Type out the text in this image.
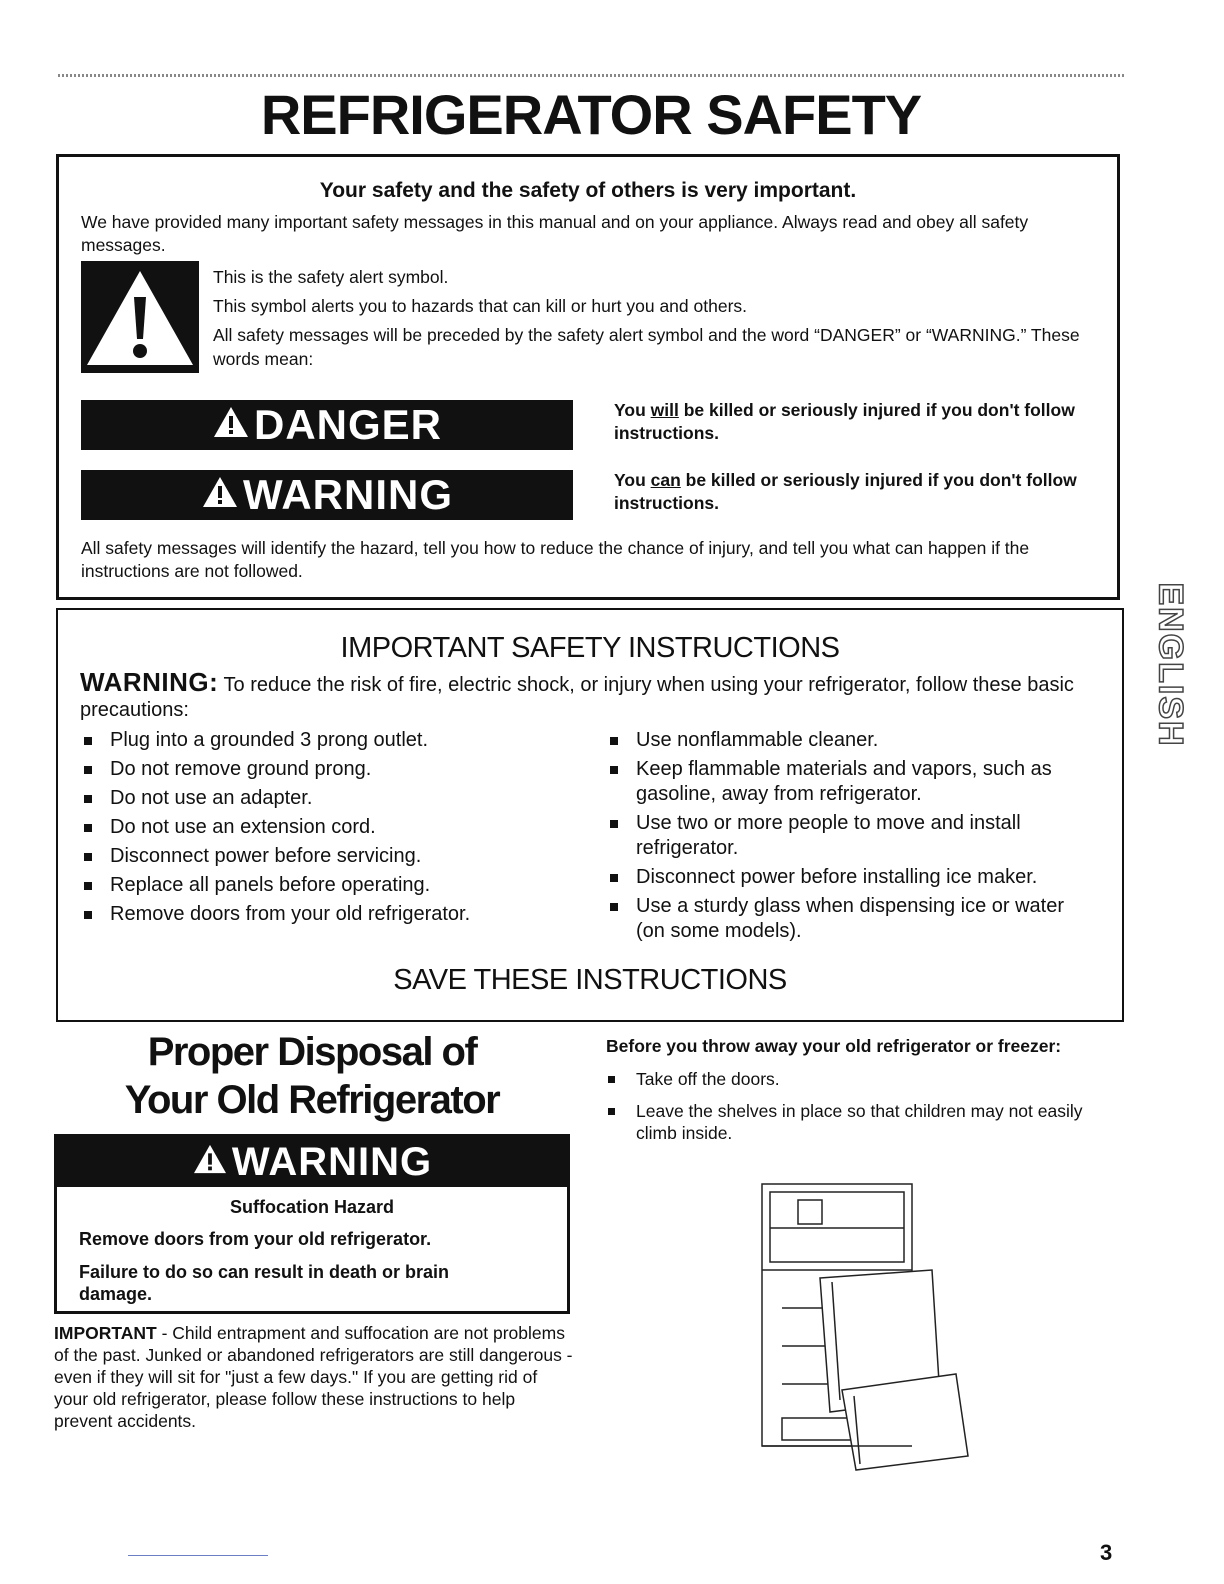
REFRIGERATOR SAFETY
Your safety and the safety of others is very important.
We have provided many important safety messages in this manual and on your appliance. Always read and obey all safety messages.

This is the safety alert symbol.

This symbol alerts you to hazards that can kill or hurt you and others.

All safety messages will be preceded by the safety alert symbol and the word “DANGER” or “WARNING.” These words mean:

DANGER	You will be killed or seriously injured if you don't follow instructions.
WARNING	You can be killed or seriously injured if you don't follow instructions.
All safety messages will identify the hazard, tell you how to reduce the chance of injury, and tell you what can happen if the instructions are not followed.
IMPORTANT SAFETY INSTRUCTIONS
WARNING: To reduce the risk of fire, electric shock, or injury when using your refrigerator, follow these basic precautions:
Plug into a grounded 3 prong outlet.
Do not remove ground prong.
Do not use an adapter.
Do not use an extension cord.
Disconnect power before servicing.
Replace all panels before operating.
Remove doors from your old refrigerator.
Use nonflammable cleaner.
Keep flammable materials and vapors, such as gasoline, away from refrigerator.
Use two or more people to move and install refrigerator.
Disconnect power before installing ice maker.
Use a sturdy glass when dispensing ice or water (on some models).
SAVE THESE INSTRUCTIONS
Proper Disposal of
Your Old Refrigerator
WARNING
Suffocation Hazard
Remove doors from your old refrigerator.
Failure to do so can result in death or brain damage.
IMPORTANT - Child entrapment and suffocation are not problems of the past. Junked or abandoned refrigerators are still dangerous - even if they will sit for "just a few days." If you are getting rid of your old refrigerator, please follow these instructions to help prevent accidents.
Before you throw away your old refrigerator or freezer:
Take off the doors.
Leave the shelves in place so that children may not easily climb inside.
ENGLISH
3
